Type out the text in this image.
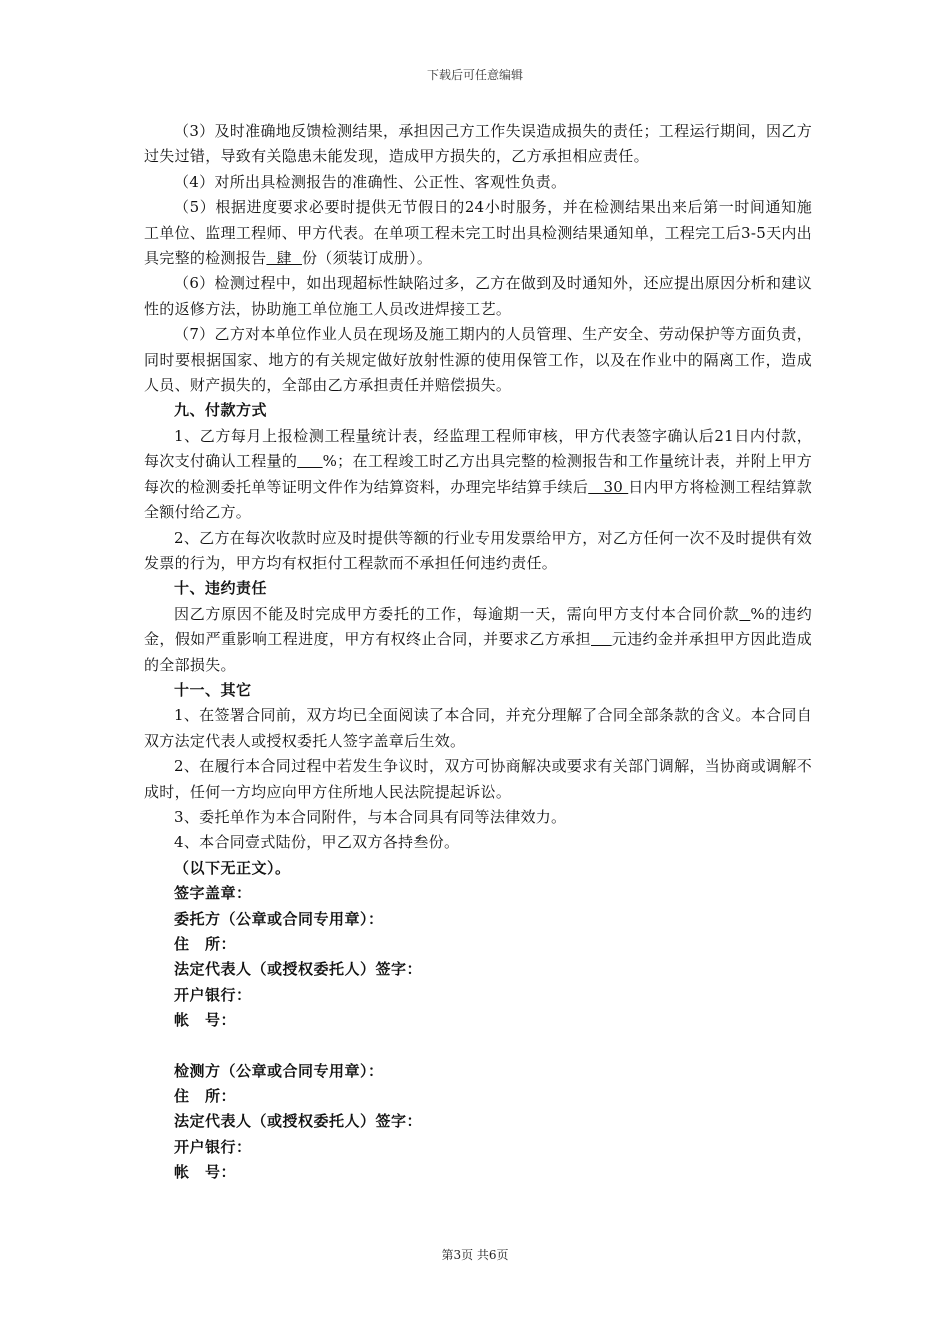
下载后可任意编辑

（3）及时准确地反馈检测结果，承担因己方工作失误造成损失的责任；工程运行期间，因乙方过失过错，导致有关隐患未能发现，造成甲方损失的，乙方承担相应责任。

（4）对所出具检测报告的准确性、公正性、客观性负责。

（5）根据进度要求必要时提供无节假日的24小时服务，并在检测结果出来后第一时间通知施工单位、监理工程师、甲方代表。在单项工程未完工时出具检测结果通知单，工程完工后3-5天内出具完整的检测报告  肆  份（须装订成册）。

（6）检测过程中，如出现超标性缺陷过多，乙方在做到及时通知外，还应提出原因分析和建议性的返修方法，协助施工单位施工人员改进焊接工艺。

（7）乙方对本单位作业人员在现场及施工期内的人员管理、生产安全、劳动保护等方面负责，同时要根据国家、地方的有关规定做好放射性源的使用保管工作，以及在作业中的隔离工作，造成人员、财产损失的，全部由乙方承担责任并赔偿损失。

九、付款方式

1、乙方每月上报检测工程量统计表，经监理工程师审核，甲方代表签字确认后21日内付款，每次支付确认工程量的 %；在工程竣工时乙方出具完整的检测报告和工作量统计表，并附上甲方每次的检测委托单等证明文件作为结算资料，办理完毕结算手续后   30 日内甲方将检测工程结算款全额付给乙方。

2、乙方在每次收款时应及时提供等额的行业专用发票给甲方，对乙方任何一次不及时提供有效发票的行为，甲方均有权拒付工程款而不承担任何违约责任。

十、违约责任

因乙方原因不能及时完成甲方委托的工作，每逾期一天，需向甲方支付本合同价款 %的违约金，假如严重影响工程进度，甲方有权终止合同，并要求乙方承担 元违约金并承担甲方因此造成的全部损失。

十一、其它

1、在签署合同前，双方均已全面阅读了本合同，并充分理解了合同全部条款的含义。本合同自双方法定代表人或授权委托人签字盖章后生效。

2、在履行本合同过程中若发生争议时，双方可协商解决或要求有关部门调解，当协商或调解不成时，任何一方均应向甲方住所地人民法院提起诉讼。

3、委托单作为本合同附件，与本合同具有同等法律效力。

4、本合同壹式陆份，甲乙双方各持叁份。

（以下无正文）。

签字盖章：

委托方（公章或合同专用章）：

住　所：

法定代表人（或授权委托人）签字：

开户银行：

帐　号：

检测方（公章或合同专用章）：

住　所：

法定代表人（或授权委托人）签字：

开户银行：

帐　号：

第3页 共6页
